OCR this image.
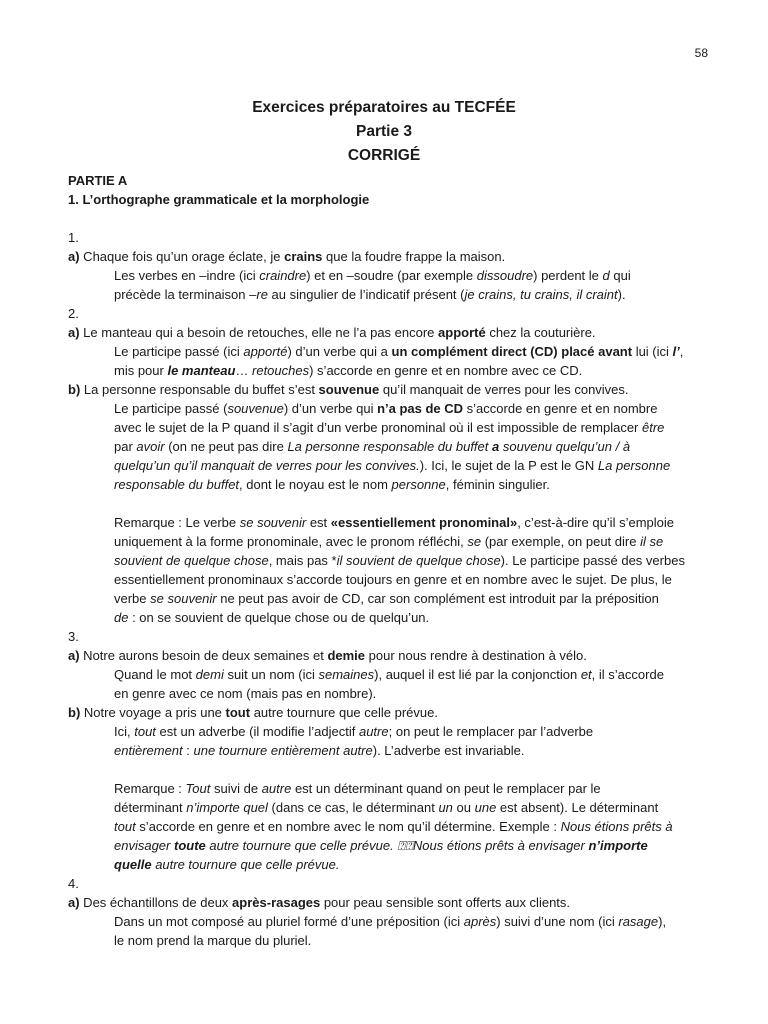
58
Exercices préparatoires au TECFÉE
Partie 3
CORRIGÉ
PARTIE A
1. L’orthographe grammaticale et la morphologie
1.
a) Chaque fois qu’un orage éclate, je crains que la foudre frappe la maison.
Les verbes en –indre (ici craindre) et en –soudre (par exemple dissoudre) perdent le d qui
précède la terminaison –re au singulier de l’indicatif présent (je crains, tu crains, il craint).
2.
a) Le manteau qui a besoin de retouches, elle ne l’a pas encore apporté chez la couturière.
Le participe passé (ici apporté) d’un verbe qui a un complément direct (CD) placé avant lui (ici l’,
mis pour le manteau… retouches) s’accorde en genre et en nombre avec ce CD.
b) La personne responsable du buffet s’est souvenue qu’il manquait de verres pour les convives.
Le participe passé (souvenue) d’un verbe qui n’a pas de CD s’accorde en genre et en nombre
avec le sujet de la P quand il s’agit d’un verbe pronominal où il est impossible de remplacer être
par avoir (on ne peut pas dire La personne responsable du buffet a souvenu quelqu’un / à
quelqu’un qu’il manquait de verres pour les convives.). Ici, le sujet de la P est le GN La personne
responsable du buffet, dont le noyau est le nom personne, féminin singulier.
Remarque : Le verbe se souvenir est «essentiellement pronominal», c’est-à-dire qu’il s’emploie
uniquement à la forme pronominale, avec le pronom réfléchi, se (par exemple, on peut dire il se
souvient de quelque chose, mais pas *il souvient de quelque chose). Le participe passé des verbes
essentiellement pronominaux s’accorde toujours en genre et en nombre avec le sujet. De plus, le
verbe se souvenir ne peut pas avoir de CD, car son complément est introduit par la préposition
de : on se souvient de quelque chose ou de quelqu’un.
3.
a) Notre aurons besoin de deux semaines et demie pour nous rendre à destination à vélo.
Quand le mot demi suit un nom (ici semaines), auquel il est lié par la conjonction et, il s’accorde
en genre avec ce nom (mais pas en nombre).
b) Notre voyage a pris une tout autre tournure que celle prévue.
Ici, tout est un adverbe (il modifie l’adjectif autre; on peut le remplacer par l’adverbe
entièrement : une tournure entièrement autre). L’adverbe est invariable.
Remarque : Tout suivi de autre est un déterminant quand on peut le remplacer par le
déterminant n’importe quel (dans ce cas, le déterminant un ou une est absent). Le déterminant
tout s’accorde en genre et en nombre avec le nom qu’il détermine. Exemple : Nous étions prêts à
envisager toute autre tournure que celle prévue. ⍰⍰Nous étions prêts à envisager n’importe
quelle autre tournure que celle prévue.
4.
a) Des échantillons de deux après-rasages pour peau sensible sont offerts aux clients.
Dans un mot composé au pluriel formé d’une préposition (ici après) suivi d’une nom (ici rasage),
le nom prend la marque du pluriel.
